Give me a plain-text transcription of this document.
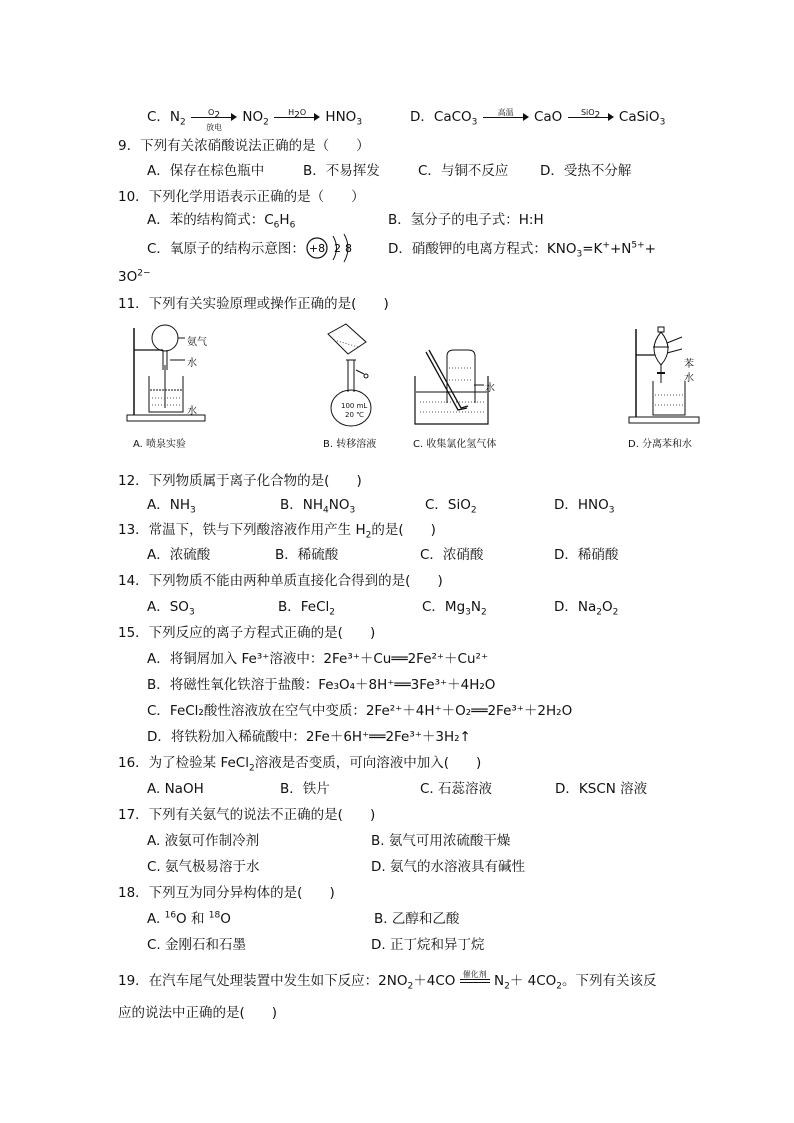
C．$N_2$
$O_2$
放电
$NO_2$
$H_2O$	$HNO_3$	D．CaCO$_3$
高温	CaO	SiO$_2$	CaSiO$_3$
9．下列有关浓硝酸说法正确的是（　　）
A．保存在棕色瓶中	B．不易挥发	C．与铜不反应 D．受热不分解
10．下列化学用语表示正确的是（　　）
A．苯的结构简式：$C_6H_6$	B．氢分子的电子式：H:H
C．氧原子的结构示意图： +8 2 8	D．硝酸钾的电离方程式：$KNO_3=K^++N^{5+}+$
$3O^{2-}$
11．下列有关实验原理或操作正确的是(　　)
氨气
水
水
A. 喷泉实验
100 mL
20 ℃
B. 转移溶液
水
C. 收集氯化氢气体
苯
水
D. 分离苯和水
12．下列物质属于离子化合物的是(　　)
A．$NH_3$	B．$NH_4NO_3$	C．SiO$_2$	D．$HNO_3$
13．常温下，铁与下列酸溶液作用产生 $H_2$的是(　　)
A．浓硫酸	B．稀硫酸	C．浓硝酸	D．稀硝酸
14．下列物质不能由两种单质直接化合得到的是(　　)
A．$SO_3$	B．FeCl$_2$	C．$Mg_3N_2$	D．$Na_2O_2$
15．下列反应的离子方程式正确的是(　　)
A．将铜屑加入 Fe³⁺溶液中：2Fe³⁺＋Cu══2Fe²⁺＋Cu²⁺
B．将磁性氧化铁溶于盐酸：Fe₃O₄＋8H⁺══3Fe³⁺＋4H₂O
C．FeCl₂酸性溶液放在空气中变质：2Fe²⁺＋4H⁺＋O₂══2Fe³⁺＋2H₂O
D．将铁粉加入稀硫酸中：2Fe＋6H⁺══2Fe³⁺＋3H₂↑
16．为了检验某 FeCl$_2$溶液是否变质，可向溶液中加入(　　)
A. NaOH	B．铁片	C. 石蕊溶液	D．KSCN 溶液
17．下列有关氨气的说法不正确的是(　　)
A. 液氨可作制冷剂	B. 氨气可用浓硫酸干燥
C. 氨气极易溶于水	D. 氨气的水溶液具有碱性
18．下列互为同分异构体的是(　　)
A. $^{16}$O 和 $^{18}$O	B. 乙醇和乙酸
C. 金刚石和石墨	D. 正丁烷和异丁烷
19．在汽车尾气处理装置中发生如下反应：$2NO_2+4CO$ 催化剂 $N_2+ 4CO_2$。下列有关该反
应的说法中正确的是(　　)
